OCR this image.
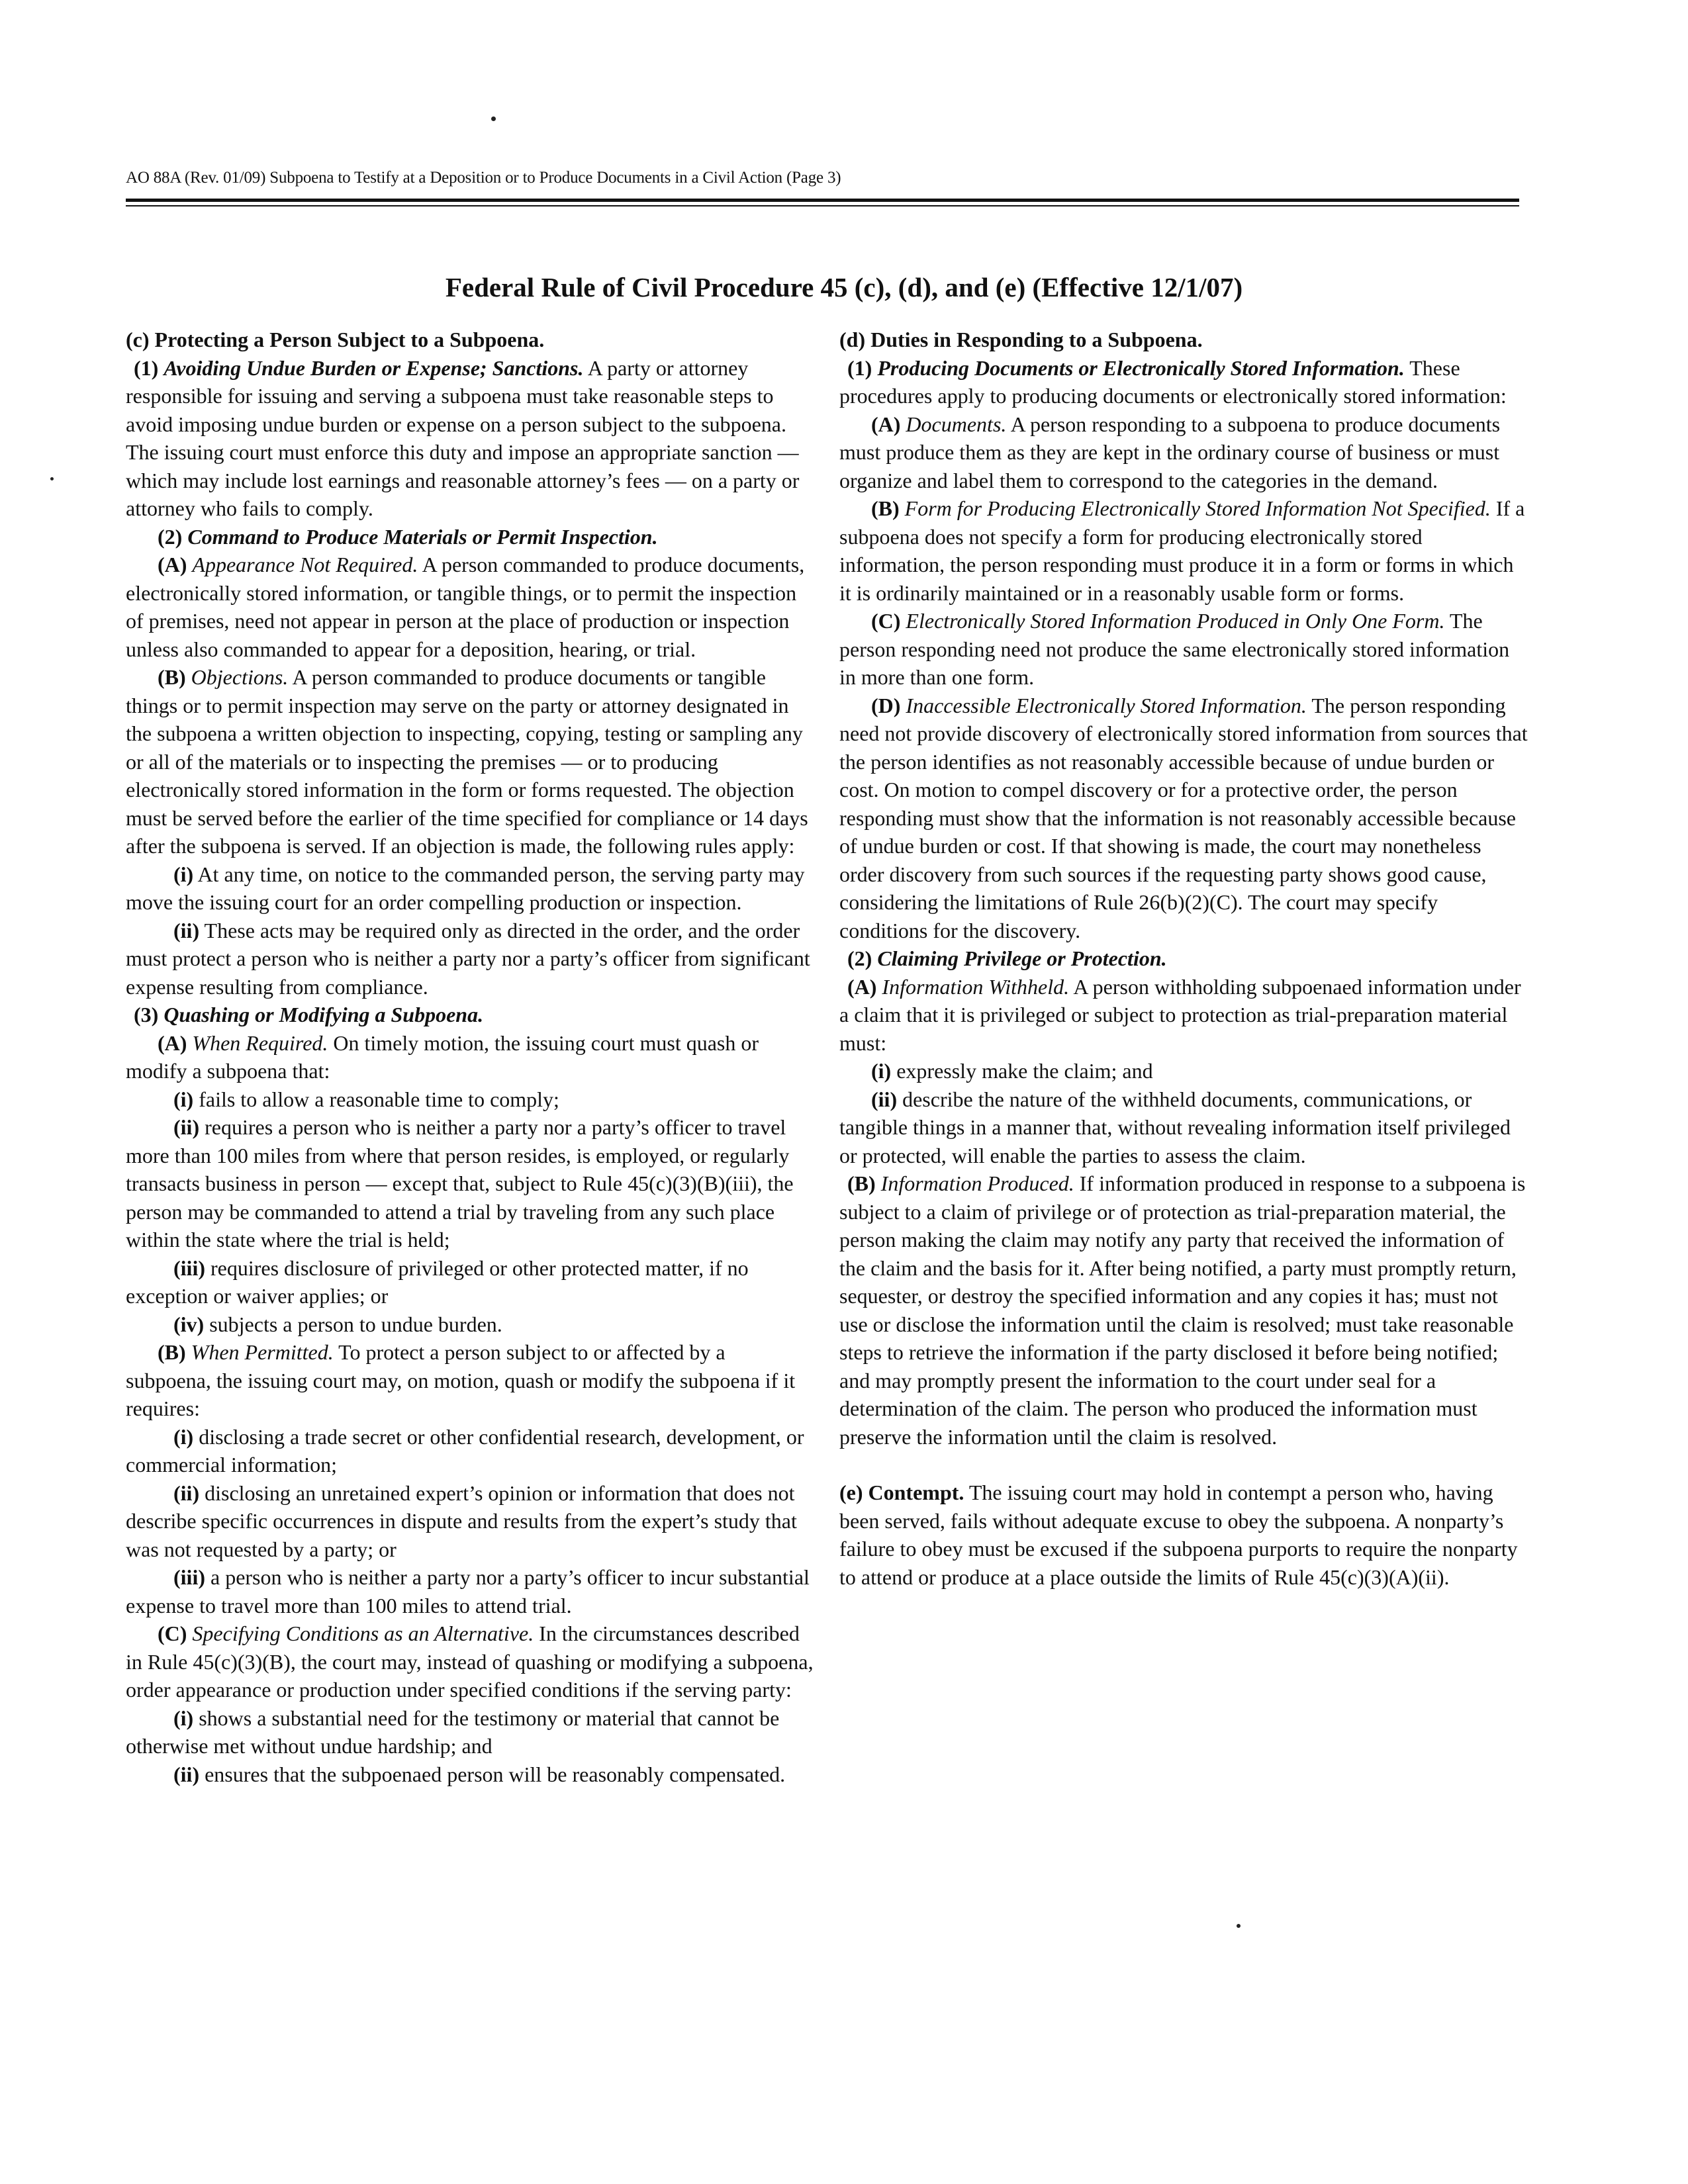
AO 88A (Rev. 01/09) Subpoena to Testify at a Deposition or to Produce Documents in a Civil Action (Page 3)
Federal Rule of Civil Procedure 45 (c), (d), and (e) (Effective 12/1/07)

(c) Protecting a Person Subject to a Subpoena.

(1) Avoiding Undue Burden or Expense; Sanctions. A party or attorney responsible for issuing and serving a subpoena must take reasonable steps to avoid imposing undue burden or expense on a person subject to the subpoena. The issuing court must enforce this duty and impose an appropriate sanction — which may include lost earnings and reasonable attorney’s fees — on a party or attorney who fails to comply.

(2) Command to Produce Materials or Permit Inspection.

(A) Appearance Not Required. A person commanded to produce documents, electronically stored information, or tangible things, or to permit the inspection of premises, need not appear in person at the place of production or inspection unless also commanded to appear for a deposition, hearing, or trial.

(B) Objections. A person commanded to produce documents or tangible things or to permit inspection may serve on the party or attorney designated in the subpoena a written objection to inspecting, copying, testing or sampling any or all of the materials or to inspecting the premises — or to producing electronically stored information in the form or forms requested. The objection must be served before the earlier of the time specified for compliance or 14 days after the subpoena is served. If an objection is made, the following rules apply:

(i) At any time, on notice to the commanded person, the serving party may move the issuing court for an order compelling production or inspection.

(ii) These acts may be required only as directed in the order, and the order must protect a person who is neither a party nor a party’s officer from significant expense resulting from compliance.

(3) Quashing or Modifying a Subpoena.

(A) When Required. On timely motion, the issuing court must quash or modify a subpoena that:

(i) fails to allow a reasonable time to comply;

(ii) requires a person who is neither a party nor a party’s officer to travel more than 100 miles from where that person resides, is employed, or regularly transacts business in person — except that, subject to Rule 45(c)(3)(B)(iii), the person may be commanded to attend a trial by traveling from any such place within the state where the trial is held;

(iii) requires disclosure of privileged or other protected matter, if no exception or waiver applies; or

(iv) subjects a person to undue burden.

(B) When Permitted. To protect a person subject to or affected by a subpoena, the issuing court may, on motion, quash or modify the subpoena if it requires:

(i) disclosing a trade secret or other confidential research, development, or commercial information;

(ii) disclosing an unretained expert’s opinion or information that does not describe specific occurrences in dispute and results from the expert’s study that was not requested by a party; or

(iii) a person who is neither a party nor a party’s officer to incur substantial expense to travel more than 100 miles to attend trial.

(C) Specifying Conditions as an Alternative. In the circumstances described in Rule 45(c)(3)(B), the court may, instead of quashing or modifying a subpoena, order appearance or production under specified conditions if the serving party:

(i) shows a substantial need for the testimony or material that cannot be otherwise met without undue hardship; and

(ii) ensures that the subpoenaed person will be reasonably compensated.

(d) Duties in Responding to a Subpoena.

(1) Producing Documents or Electronically Stored Information. These procedures apply to producing documents or electronically stored information:

(A) Documents. A person responding to a subpoena to produce documents must produce them as they are kept in the ordinary course of business or must organize and label them to correspond to the categories in the demand.

(B) Form for Producing Electronically Stored Information Not Specified. If a subpoena does not specify a form for producing electronically stored information, the person responding must produce it in a form or forms in which it is ordinarily maintained or in a reasonably usable form or forms.

(C) Electronically Stored Information Produced in Only One Form. The person responding need not produce the same electronically stored information in more than one form.

(D) Inaccessible Electronically Stored Information. The person responding need not provide discovery of electronically stored information from sources that the person identifies as not reasonably accessible because of undue burden or cost. On motion to compel discovery or for a protective order, the person responding must show that the information is not reasonably accessible because of undue burden or cost. If that showing is made, the court may nonetheless order discovery from such sources if the requesting party shows good cause, considering the limitations of Rule 26(b)(2)(C). The court may specify conditions for the discovery.

(2) Claiming Privilege or Protection.

(A) Information Withheld. A person withholding subpoenaed information under a claim that it is privileged or subject to protection as trial-preparation material must:

(i) expressly make the claim; and

(ii) describe the nature of the withheld documents, communications, or tangible things in a manner that, without revealing information itself privileged or protected, will enable the parties to assess the claim.

(B) Information Produced. If information produced in response to a subpoena is subject to a claim of privilege or of protection as trial-preparation material, the person making the claim may notify any party that received the information of the claim and the basis for it. After being notified, a party must promptly return, sequester, or destroy the specified information and any copies it has; must not use or disclose the information until the claim is resolved; must take reasonable steps to retrieve the information if the party disclosed it before being notified; and may promptly present the information to the court under seal for a determination of the claim. The person who produced the information must preserve the information until the claim is resolved.

(e) Contempt. The issuing court may hold in contempt a person who, having been served, fails without adequate excuse to obey the subpoena. A nonparty’s failure to obey must be excused if the subpoena purports to require the nonparty to attend or produce at a place outside the limits of Rule 45(c)(3)(A)(ii).
